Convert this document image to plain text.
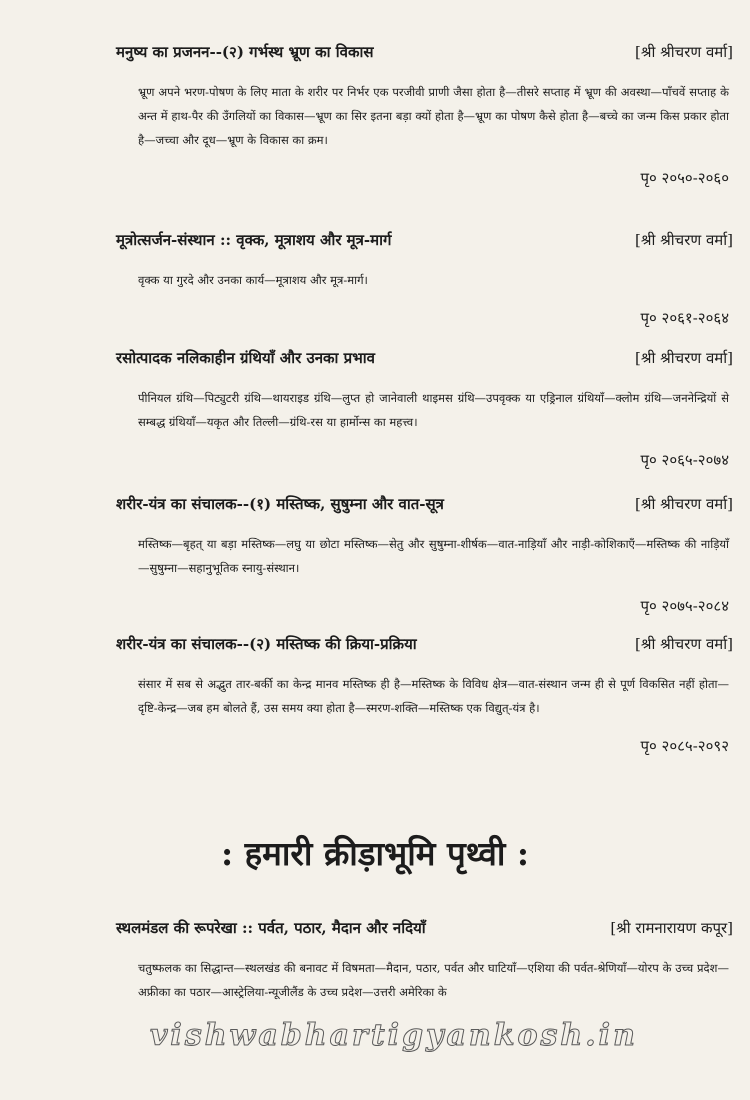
मनुष्य का प्रजनन--(२) गर्भस्थ भ्रूण का विकास	[श्री श्रीचरण वर्मा]
भ्रूण अपने भरण-पोषण के लिए माता के शरीर पर निर्भर एक परजीवी प्राणी जैसा होता है—तीसरे सप्ताह में भ्रूण की अवस्था—पाँचवें सप्ताह के अन्त में हाथ-पैर की उँगलियों का विकास—भ्रूण का सिर इतना बड़ा क्यों होता है—भ्रूण का पोषण कैसे होता है—बच्चे का जन्म किस प्रकार होता है—जच्चा और दूध—भ्रूण के विकास का क्रम।
पृ० २०५०-२०६०
मूत्रोत्सर्जन-संस्थान :: वृक्क, मूत्राशय और मूत्र-मार्ग	[श्री श्रीचरण वर्मा]
वृक्क या गुरदे और उनका कार्य—मूत्राशय और मूत्र-मार्ग।
पृ० २०६१-२०६४
रसोत्पादक नलिकाहीन ग्रंथियाँ और उनका प्रभाव	[श्री श्रीचरण वर्मा]
पीनियल ग्रंथि—पिट्युटरी ग्रंथि—थायराइड ग्रंथि—लुप्त हो जानेवाली थाइमस ग्रंथि—उपवृक्क या एड्रिनाल ग्रंथियाँ—क्लोम ग्रंथि—जननेन्द्रियों से सम्बद्ध ग्रंथियाँ—यकृत और तिल्ली—ग्रंथि-रस या हार्मोन्स का महत्त्व।
पृ० २०६५-२०७४
शरीर-यंत्र का संचालक--(१) मस्तिष्क, सुषुम्ना और वात-सूत्र	[श्री श्रीचरण वर्मा]
मस्तिष्क—बृहत् या बड़ा मस्तिष्क—लघु या छोटा मस्तिष्क—सेतु और सुषुम्ना-शीर्षक—वात-नाड़ियाँ और नाड़ी-कोशिकाएँ—मस्तिष्क की नाड़ियाँ—सुषुम्ना—सहानुभूतिक स्नायु-संस्थान।
पृ० २०७५-२०८४
शरीर-यंत्र का संचालक--(२) मस्तिष्क की क्रिया-प्रक्रिया	[श्री श्रीचरण वर्मा]
संसार में सब से अद्भुत तार-बर्की का केन्द्र मानव मस्तिष्क ही है—मस्तिष्क के विविध क्षेत्र—वात-संस्थान जन्म ही से पूर्ण विकसित नहीं होता—दृष्टि-केन्द्र—जब हम बोलते हैं, उस समय क्या होता है—स्मरण-शक्ति—मस्तिष्क एक विद्युत्-यंत्र है।
पृ० २०८५-२०९२
: हमारी क्रीड़ाभूमि पृथ्वी :
स्थलमंडल की रूपरेखा :: पर्वत, पठार, मैदान और नदियाँ	[श्री रामनारायण कपूर]
चतुष्फलक का सिद्धान्त—स्थलखंड की बनावट में विषमता—मैदान, पठार, पर्वत और घाटियाँ—एशिया की पर्वत-श्रेणियाँ—योरप के उच्च प्रदेश—अफ्रीका का पठार—आस्ट्रेलिया-न्यूजीलैंड के उच्च प्रदेश—उत्तरी अमेरिका के
vishwabhartigyankosh.in
